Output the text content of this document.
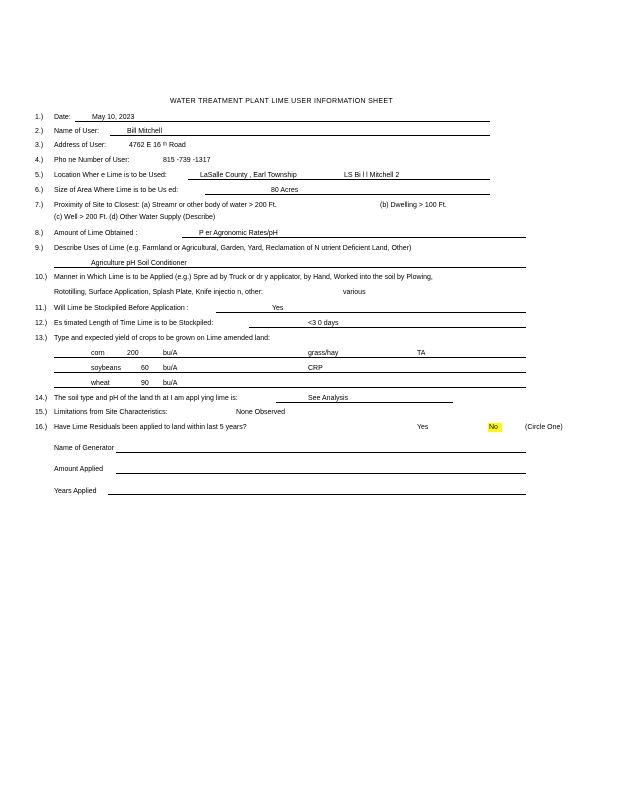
WATER TREATMENT PLANT LIME USER INFORMATION SHEET
1.) Date:	May 10, 2023
2.) Name of User:	Bill Mitchell
3.) Address of User:	4762 E 16 ᵗʰ Road
4.) Pho ne Number of User:	815 -739 -1317
5.) Location Wher e Lime is to be Used:	LaSalle County , Earl Township	LS Bi l l Mitchell 2
6.) Size of Area Where Lime is to be Us ed:	80 Acres
7.) Proximity of Site to Closest: (a) Streamr or other body of water > 200 Ft.	(b) Dwelling > 100 Ft.
(c) Well > 200 Ft. (d) Other Water Supply (Describe)
8.) Amount of Lime Obtained :	P er Agronomic Rates/pH
9.) Describe Uses of Lime (e.g. Farmland or Agricultural, Garden, Yard, Reclamation of N utrient Deficient Land, Other)
Agriculture pH Soil Conditioner
10.) Manner in Which Lime is to be Applied (e.g.) Spre ad by Truck or dr y applicator, by Hand, Worked into the soil by Plowing,
Rototilling, Surface Application, Splash Plate, Knife injectio n, other:	various
11.) Will Lime be Stockpiled Before Application :	Yes
12.) Es timated Length of Time Lime is to be Stockpiled:	<3 0 days
13.) Type and expected yield of crops to be grown on Lime amended land:
corn	200	bu/A	grass/hay	TA
soybeans	60 bu/A	CRP
wheat	90 bu/A
14.) The soil type and pH of the land th at I am appl ying lime is:	See Analysis
15.) Limitations from Site Characteristics:	None Observed
16.) Have Lime Residuals been applied to land within last 5 years?	Yes	No	(Circle One)
Name of Generator
Amount Applied
Years Applied
